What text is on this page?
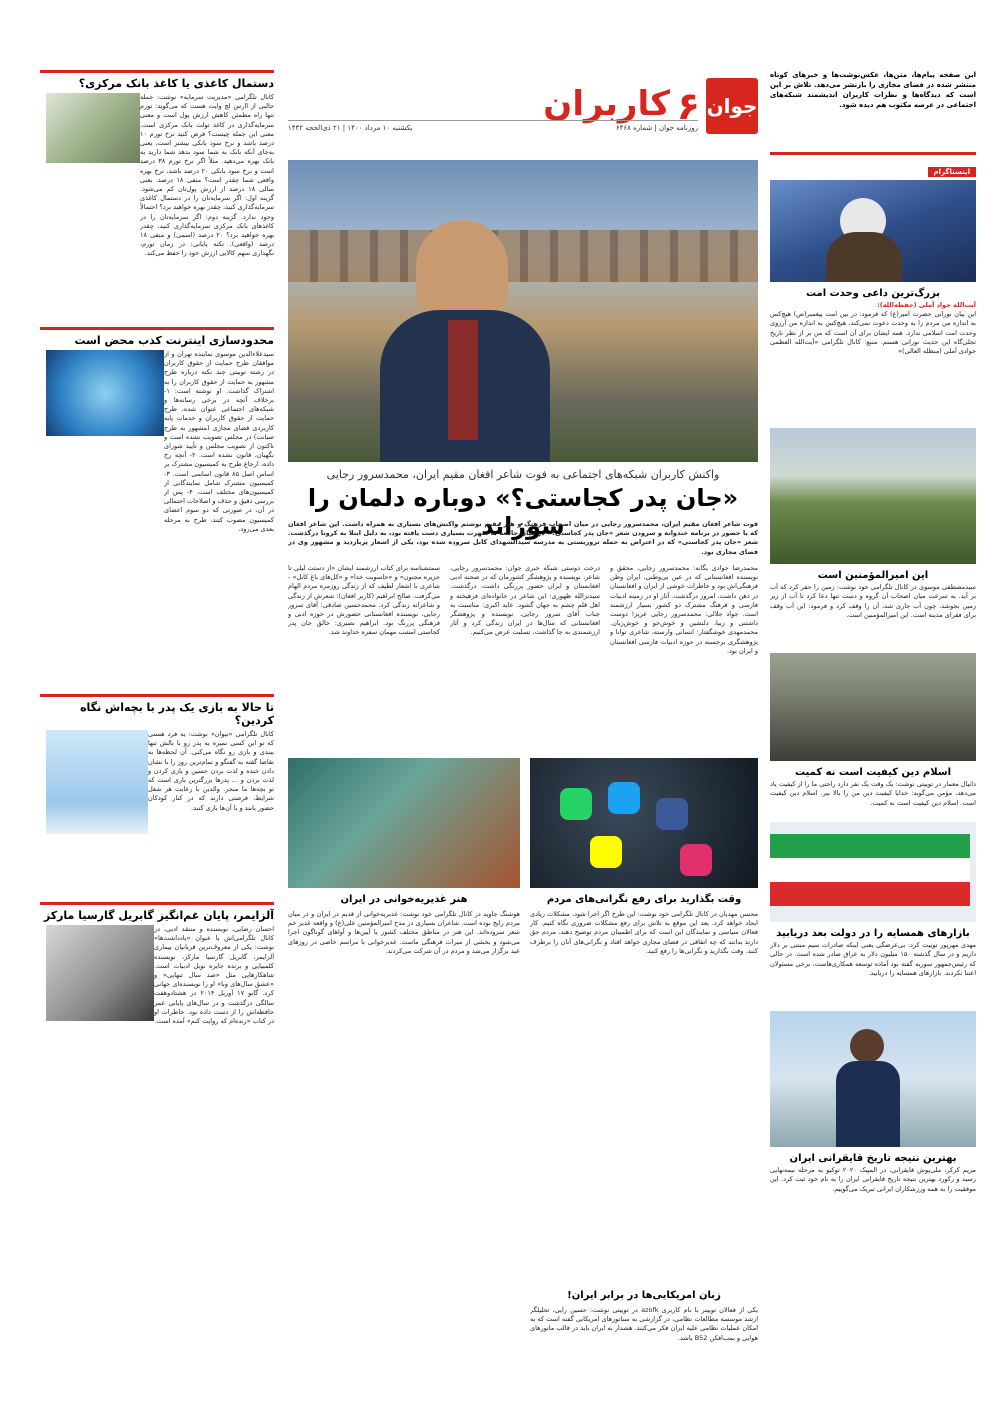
جوان
۶
کاربران
روزنامه جوان | شماره ۶۴۶۸
یکشنبه ۱۰ مرداد ۱۴۰۰ | ۲۱ ذی‌الحجه ۱۴۴۲
این صفحه پیام‌ها، متن‌ها، عکس‌نوشت‌ها و خبرهای کوتاه منتشر شده در فضای مجازی را بازنشر می‌دهد. تلاش بر این است که دیدگاه‌ها و نظرات کاربران اندیشمند شبکه‌های اجتماعی در عرصه مکتوب هم دیده شود.
اینستاگرام
بزرگ‌ترین داعی وحدت امت
آیت‌الله جواد آملی (حفظه‌الله):
این بیان نورانی حضرت امیر(ع) که فرمود: در بین امت پیغمبر(ص) هیچ‌کس به اندازه من مردم را به وحدت دعوت نمی‌کند، هیچ‌کس به اندازه من آرزوی وحدت امت اسلامی ندارد. همه ایشان برای آن است که من بر از نظر تاریخ تجلی‌گاه این حدیث نورانی هستم. منبع: کانال تلگرامی «آیت‌الله العظمی جوادی آملی (منظله العالی)»
این امیرالمؤمنین است
سیدمصطفی موسوی در کانال تلگرامی خود نوشت: زمین را حفر کرد که آب بر آید. به سرعت میان اصحاب آن گروه و دست تنها دعا کرد تا آب از زیر زمین بجوشد. چون آب جاری شد، آن را وقف کرد و فرمود: این آب وقف برای فقرای مدینه است. این امیرالمؤمنین است.
اسلام دین کیفیت است نه کمیت
دانیال معمار در توییتی نوشت: یک وقت یک نفر دارد راحتی ما را از کیفیت یاد می‌دهد، مؤمن می‌گوید: خدایا کیفیت دین من را بالا ببر. اسلام دین کیفیت است. اسلام دین کیفیت است نه کمیت.
بازارهای همسایه را در دولت بعد دریابید
مهدی مهرپور توییت کرد: بی‌عرضگی یعنی اینکه صادرات سیم مبتنی بر دلار داریم و در سال گذشته ۱۵۰ میلیون دلار به عراق صادر شده است. در حالی که رئیس‌جمهور سوریه گفته بود آماده توسعه همکاری‌هاست، برخی مسئولان اعتنا نکردند. بازارهای همسایه را دریابید.
بهترین نتیجه تاریخ قایقرانی ایران
مریم کرکر، ملی‌پوش قایقرانی، در المپیک ۲۰۲۰ توکیو به مرحله نیمه‌نهایی رسید و رکورد بهترین نتیجه تاریخ قایقرانی ایران را به نام خود ثبت کرد. این موفقیت را به همه ورزشکاران ایرانی تبریک می‌گوییم.
دستمال کاغذی یا کاغذ بانک مرکزی؟
کانال تلگرامی «مدیریت سرمایه» نوشت: جمله جالبی از اارس لچ وایت هست که می‌گوید: تورم تنها راه مطمئن کاهش ارزش پول است و معنی سرمایه‌گذاری در کاغذ تولت بانک مرکزی است. معنی این جمله چیست؟ فرض کنید نرخ تورم ۱۰ درصد باشد و نرخ سود بانکی بیشتر است، یعنی به‌جای آنکه بانک به شما سود بدهد شما دارید به بانک بهره می‌دهید. مثلاً اگر نرخ تورم ۳۸ درصد است و نرخ سود بانکی ۲۰ درصد باشد، نرخ بهره واقعی شما چقدر است؟ منفی ۱۸ درصد. یعنی سالی ۱۸ درصد از ارزش پول‌تان کم می‌شود. گزینه اول: اگر سرمایه‌تان را در دستمال کاغذی سرمایه‌گذاری کنید، چقدر بهره خواهید برد؟ احتمالاً وجود ندارد. گزینه دوم: اگر سرمایه‌تان را در کاغذهای بانک مرکزی سرمایه‌گذاری کنید، چقدر بهره خواهید برد؟ ۲۰ درصد (اسمی) و منفی ۱۸ درصد (واقعی). نکته پایانی: در زمان تورم، نگهداری سهم کالایی ارزش خود را حفظ می‌کند.
محدودسازی اینترنت کذب محض است
سیدعلاءالدین موسوی نماینده تهران و از موافقان طرح حمایت از حقوق کاربران در رشته توییتی چند نکته درباره طرح مشهور به حمایت از حقوق کاربران را به اشتراک گذاشت. او نوشته است: ۱- برخلاف آنچه در برخی رسانه‌ها و شبکه‌های اجتماعی عنوان شده، طرح حمایت از حقوق کاربران و خدمات پایه کاربردی فضای مجازی (مشهور به طرح صیانت) در مجلس تصویب نشده است و تاکنون از تصویب مجلس و تأیید شورای نگهبان، قانون نشده است. ۲- آنچه رخ داده، ارجاع طرح به کمیسیون مشترک بر اساس اصل ۸۵ قانون اساسی است. ۳- کمیسیون مشترک شامل نمایندگانی از کمیسیون‌های مختلف است. ۴- پس از بررسی دقیق و حذف و اصلاحات احتمالی در آن، در صورتی که دو سوم اعضای کمیسیون مصوب کنند، طرح به مرحله بعدی می‌رود.
تا حالا به بازی یک پدر با بچه‌اش نگاه کردین؟
کانال تلگرامی «نیوان» نوشت: یه فرد هستی که تو این کسی نمیره یه پدر رو با بالش تنها ببندی و بازی رو نگاه می‌کنی. آن لحظه‌ها به تقاضا گفته به گفتگو و تمام‌ترین روز را با نشان دادن خنده و لذت بردن حسین و بازی کردن و لذت بردن و ... پدرها بزرگترین بازی است که تو بچه‌ها ما منجر. والدین با رعایت هر شغل شرایط، فرصتی دارند که در کنار کودکان حضور یابند و با آن‌ها بازی کنند.
آلزایمر، پایان غم‌انگیز گابریل گارسیا مارکز
احسان رضایی، نویسنده و منتقد ادبی، در کانال تلگرامی‌اش با عنوان «یادداشت‌ها» نوشت: یکی از معروف‌ترین قربانیان بیماری آلزایمر، گابریل گارسیا مارکز، نویسنده کلمبیایی و برنده جایزه نوبل ادبیات است. شاهکارهایی مثل «صد سال تنهایی» و «عشق سال‌های وبا» او را نویسنده‌ای جهانی کرد. گابو ۱۷ آوریل ۲۰۱۴ در هشتادوهفت سالگی درگذشت و در سال‌های پایانی عمر حافظه‌اش را از دست داده بود. خاطرات او در کتاب «زنده‌ام که روایت کنم» آمده است.
واکنش کاربران شبکه‌های اجتماعی به فوت شاعر افغان مقیم ایران، محمدسرور رجایی
«جان پدر کجاستی؟» دوباره دلمان را سوزاند
فوت شاعر افغان مقیم ایران، محمدسرور رجایی در میان اصحاب فرهنگ و هنر مقیم نوشتم واکنش‌های بسیاری به همراه داشت. این شاعر افغان که با حضور در برنامه خندوانه و سرودن شعر «جان پدر کجاستی؟» در میان جامعه به شهرت بسیاری دست یافته بود، به دلیل ابتلا به کرونا درگذشت. شعر «جان پدر کجاستی» که در اعتراض به حمله تروریستی به مدرسه سیدالشهدای کابل سروده شده بود، یکی از اشعار پربازدید و مشهور وی در فضای مجازی بود.
محمدرضا جوادی یگانه: محمدسرور رجایی، محقق و نویسنده افغانستانی که در عین بی‌وطنی، ایران وطن فرهنگی‌اش بود و خاطرات خوشی از ایران و افغانستان در ذهن داشت، امروز درگذشت. آثار او در زمینه ادبیات فارسی و فرهنگ مشترک دو کشور بسیار ارزشمند است. جواد جلالی: محمدسرور رجایی عزیز! دوست داشتنی و زیبا، دلنشین و خوش‌خو و خوش‌زبان. محمدمهدی خوشگفتار: انسانی وارسته، شاعری توانا و پژوهشگری برجسته در حوزه ادبیات فارسی افغانستان و ایران بود.
درخت دوستی شبکه خبری جوان: محمدسرور رجایی، شاعر، نویسنده و پژوهشگر کشورمان که در صحنه ادبی افغانستان و ایران حضور پررنگی داشت، درگذشت. سیدنرالله ظهوری: این شاعر در خانواده‌ای فرهیخته و اهل قلم چشم به جهان گشود. عابد اکبری: مناسبت به جناب آقای سرور رجایی، نویسنده و پژوهشگر افغانستانی که سال‌ها در ایران زندگی کرد و آثار ارزشمندی به جا گذاشت، تسلیت عرض می‌کنیم.
سمتشناسه برای کتاب ارزشمند ایشان «از دستت لیلی تا جزیره مجنون» و «حاسوبت خدا» و «کل‌های باغ کابل» - شاعری با اشعار لطیف که از زندگی روزمره مردم الهام می‌گرفت. صالح ابراهیم (کاربر افغان): شعرش از زندگی و شاعرانه زندگی کرد. محمدحسین صادقی: آقای سرور رجایی، نویسنده افغانستانی حضورش در حوزه ادبی و فرهنگی پررنگ بود. ابراهیم نصیری: خالق جان پدر کجاستی امشب مهمان سفره خداوند شد.
وقت بگذارید برای رفع نگرانی‌های مردم
محسن مهدیان در کانال تلگرامی خود نوشت: این طرح اگر اجرا شود، مشکلات زیادی ایجاد خواهد کرد. بعد این موقع به تلاش برای رفع مشکلات ضروری نگاه کنیم. کار فعالان سیاسی و نمایندگان این است که برای اطمینان مردم توضیح دهند. مردم حق دارند بدانند که چه اتفاقی در فضای مجازی خواهد افتاد و نگرانی‌های آنان را برطرف کنند. وقت بگذارید و نگرانی‌ها را رفع کنید.
هنر غدیریه‌خوانی در ایران
هوشنگ جاوید در کانال تلگرامی خود نوشت: غدیریه‌خوانی از قدیم در ایران و در میان مردم رایج بوده است. شاعران بسیاری در مدح امیرالمؤمنین علی(ع) و واقعه غدیر خم شعر سروده‌اند. این هنر در مناطق مختلف کشور با آیین‌ها و آواهای گوناگون اجرا می‌شود و بخشی از میراث فرهنگی ماست. غدیرخوانی با مراسم خاصی در روزهای عید برگزار می‌شد و مردم در آن شرکت می‌کردند.
زبان امریکایی‌ها در برابر ایران!
یکی از فعالان توییتر با نام کاربری azofk در توییتی نوشت: حسین رایی، تحلیلگر ارشد موسسه مطالعات نظامی، در گزارشی به سناتورهای امریکایی گفته است که به امکان عملیات نظامی علیه ایران فکر می‌کنند. هشدار به ایران باید در قالب مانورهای هوایی و بمب‌افکن B52 باشد.
